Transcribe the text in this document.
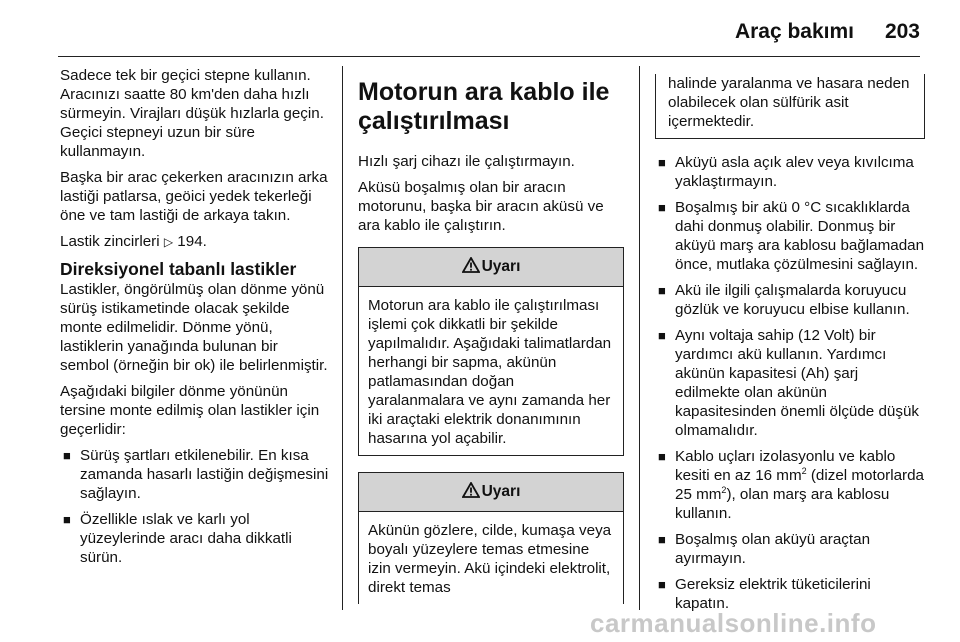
Araç bakımı 203

Sadece tek bir geçici stepne kullanın. Aracınızı saatte 80 km'den daha hızlı sürmeyin. Virajları düşük hızlarla geçin. Geçici stepneyi uzun bir süre kullanmayın.

Başka bir arac çekerken aracınızın arka lastiği patlarsa, geöici yedek tekerleği öne ve tam lastiği de arkaya takın.

Lastik zincirleri ▷ 194.

Direksiyonel tabanlı lastikler

Lastikler, öngörülmüş olan dönme yönü sürüş istikametinde olacak şekilde monte edilmelidir. Dönme yönü, lastiklerin yanağında bulunan bir sembol (örneğin bir ok) ile belirlenmiştir.

Aşağıdaki bilgiler dönme yönünün tersine monte edilmiş olan lastikler için geçerlidir:

■ Sürüş şartları etkilenebilir. En kısa zamanda hasarlı lastiğin değişmesini sağlayın.
■ Özellikle ıslak ve karlı yol yüzeylerinde aracı daha dikkatli sürün.
Motorun ara kablo ile çalıştırılması

Hızlı şarj cihazı ile çalıştırmayın.

Aküsü boşalmış olan bir aracın motorunu, başka bir aracın aküsü ve ara kablo ile çalıştırın.

Uyarı
Motorun ara kablo ile çalıştırılması işlemi çok dikkatli bir şekilde yapılmalıdır. Aşağıdaki talimatlardan herhangi bir sapma, akünün patlamasından doğan yaralanmalara ve aynı zamanda her iki araçtaki elektrik donanımının hasarına yol açabilir.
Uyarı
Akünün gözlere, cilde, kumaşa veya boyalı yüzeylere temas etmesine izin vermeyin. Akü içindeki elektrolit, direkt temas
halinde yaralanma ve hasara neden olabilecek olan sülfürik asit içermektedir.
■ Aküyü asla açık alev veya kıvılcıma yaklaştırmayın.
■ Boşalmış bir akü 0 °C sıcaklıklarda dahi donmuş olabilir. Donmuş bir aküyü marş ara kablosu bağlamadan önce, mutlaka çözülmesini sağlayın.
■ Akü ile ilgili çalışmalarda koruyucu gözlük ve koruyucu elbise kullanın.
■ Aynı voltaja sahip (12 Volt) bir yardımcı akü kullanın. Yardımcı akünün kapasitesi (Ah) şarj edilmekte olan akünün kapasitesinden önemli ölçüde düşük olmamalıdır.
■ Kablo uçları izolasyonlu ve kablo kesiti en az 16 $mm^2$ (dizel motorlarda 25 $mm^2$), olan marş ara kablosu kullanın.
■ Boşalmış olan aküyü araçtan ayırmayın.
■ Gereksiz elektrik tüketicilerini kapatın.
carmanualsonline.info
